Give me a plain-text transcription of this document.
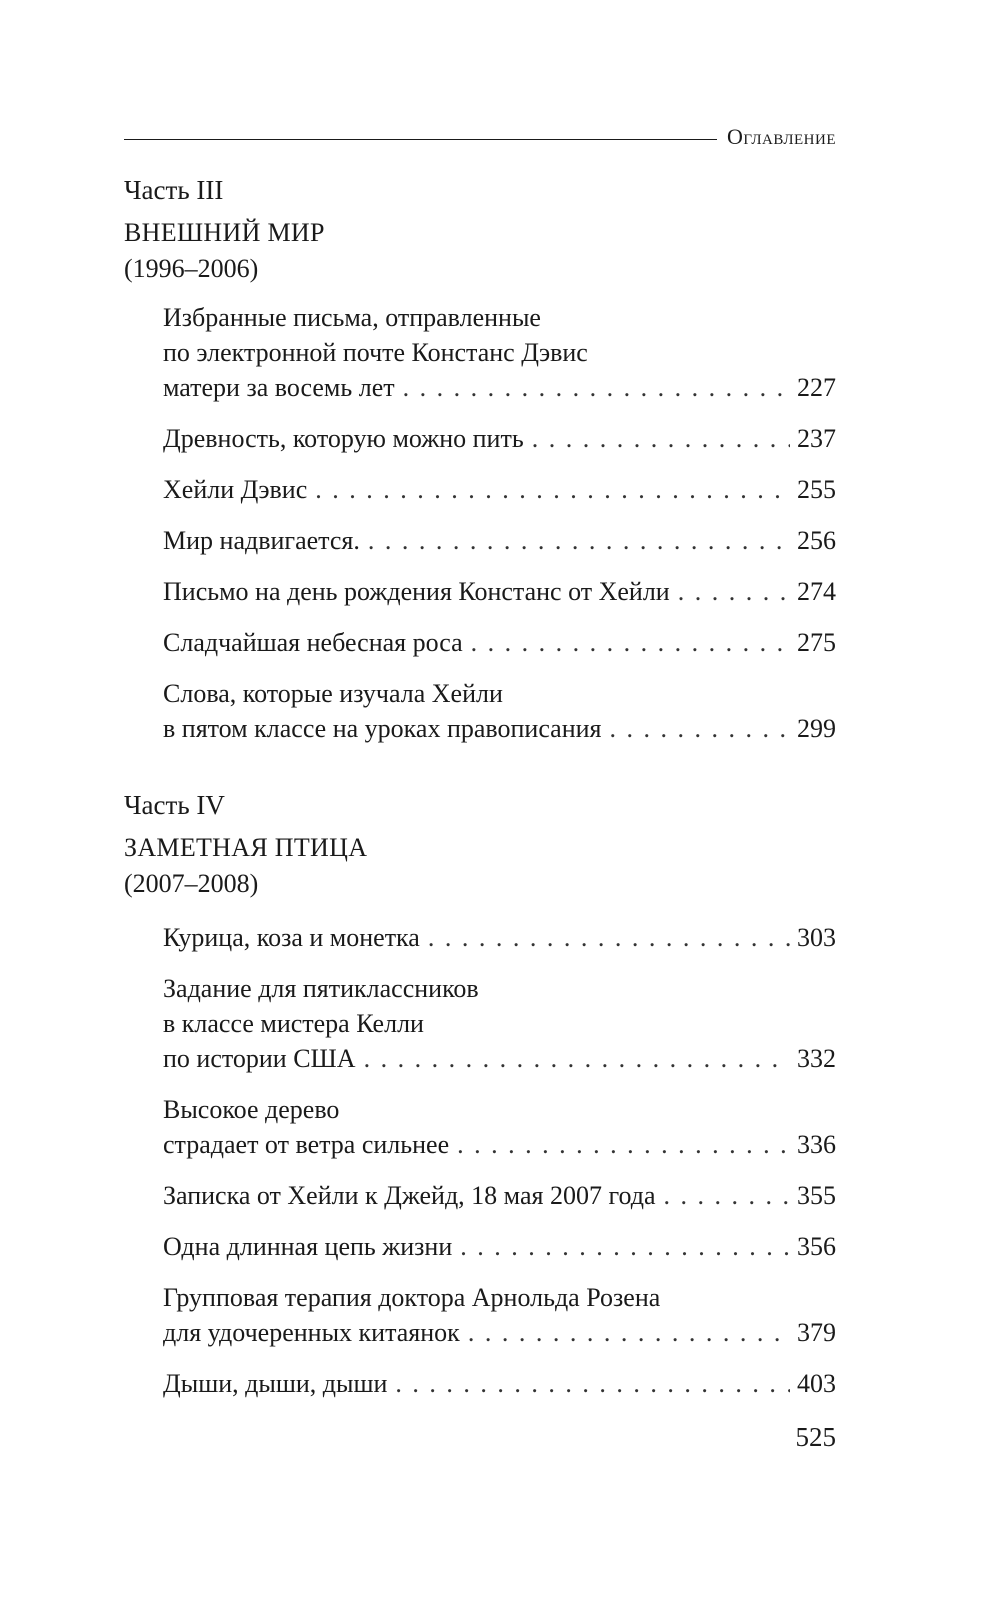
Оглавление
Часть III
ВНЕШНИЙ МИР
(1996–2006)
Избранные письма, отправленные
по электронной почте Констанс Дэвис
матери за восемь лет . . .	227
Древность, которую можно пить . . .	237
Хейли Дэвис . . .	255
Мир надвигается. . . .	256
Письмо на день рождения Констанс от Хейли . . .	274
Сладчайшая небесная роса . . .	275
Слова, которые изучала Хейли
в пятом классе на уроках правописания . . .	299
Часть IV
ЗАМЕТНАЯ ПТИЦА
(2007–2008)
Курица, коза и монетка . . .	303
Задание для пятиклассников
в классе мистера Келли
по истории США . . .	332
Высокое дерево
страдает от ветра сильнее . . .	336
Записка от Хейли к Джейд, 18 мая 2007 года . . .	355
Одна длинная цепь жизни . . .	356
Групповая терапия доктора Арнольда Розена
для удочеренных китаянок . . .	379
Дыши, дыши, дыши . . .	403
525
